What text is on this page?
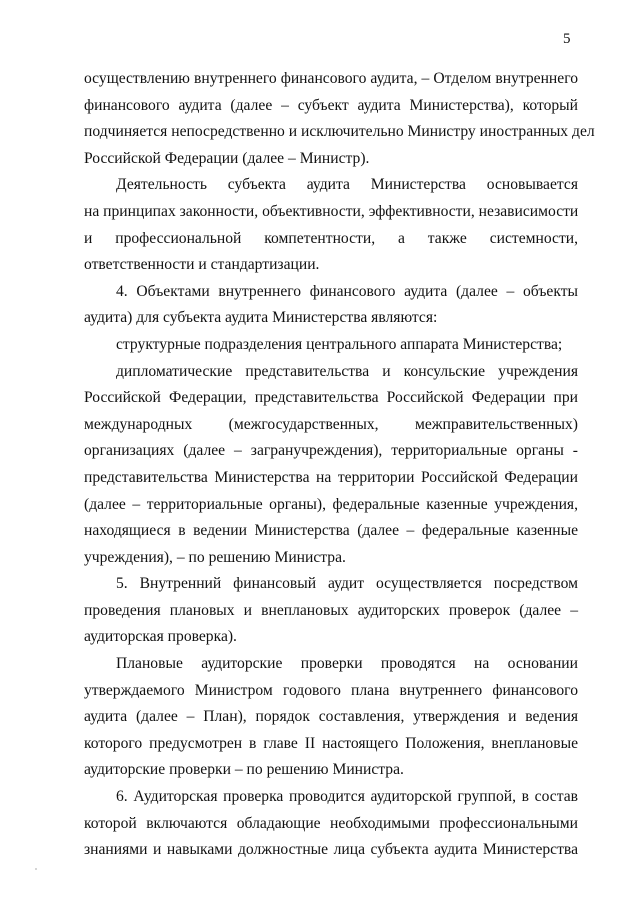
5
осуществлению внутреннего финансового аудита, – Отделом внутреннего
финансового аудита (далее – субъект аудита Министерства), который
подчиняется непосредственно и исключительно Министру иностранных дел
Российской Федерации (далее – Министр).
Деятельность субъекта аудита Министерства основывается
на принципах законности, объективности, эффективности, независимости
и профессиональной компетентности, а также системности,
ответственности и стандартизации.
4. Объектами внутреннего финансового аудита (далее – объекты
аудита) для субъекта аудита Министерства являются:
структурные подразделения центрального аппарата Министерства;
дипломатические представительства и консульские учреждения
Российской Федерации, представительства Российской Федерации при
международных (межгосударственных, межправительственных)
организациях (далее – загранучреждения), территориальные органы -
представительства Министерства на территории Российской Федерации
(далее – территориальные органы), федеральные казенные учреждения,
находящиеся в ведении Министерства (далее – федеральные казенные
учреждения), – по решению Министра.
5. Внутренний финансовый аудит осуществляется посредством
проведения плановых и внеплановых аудиторских проверок (далее –
аудиторская проверка).
Плановые аудиторские проверки проводятся на основании
утверждаемого Министром годового плана внутреннего финансового
аудита (далее – План), порядок составления, утверждения и ведения
которого предусмотрен в главе II настоящего Положения, внеплановые
аудиторские проверки – по решению Министра.
6. Аудиторская проверка проводится аудиторской группой, в состав
которой включаются обладающие необходимыми профессиональными
знаниями и навыками должностные лица субъекта аудита Министерства
